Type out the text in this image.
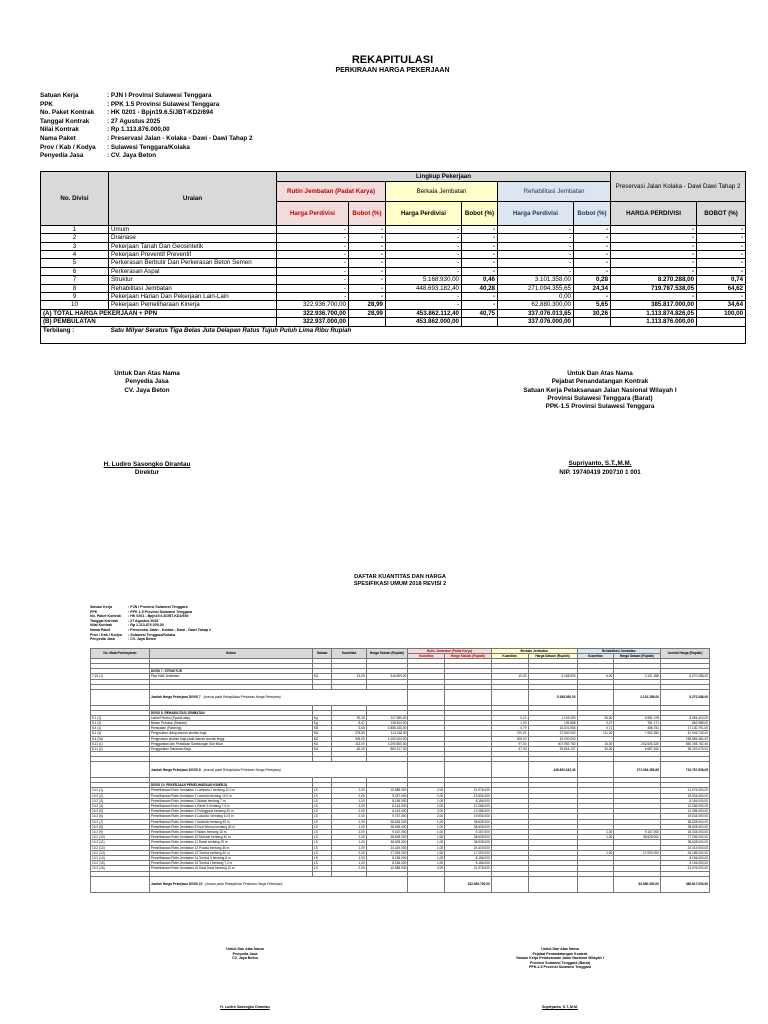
REKAPITULASI
PERKIRAAN HARGA PEKERJAAN
Satuan Kerja	: PJN I Provinsi Sulawesi Tenggara
PPK	: PPK 1.5 Provinsi Sulawesi Tenggara
No. Paket Kontrak	: HK 0201 - Bpjn19.6.5/JBT-KD2/694
Tanggal Kontrak	: 27 Agustus 2025
Nilai Kontrak	: Rp 1.113.876.000,00
Nama Paket	: Preservasi Jalan - Kolaka - Dawi - Dawi Tahap 2
Prov / Kab / Kodya	: Sulawesi Tenggara/Kolaka
Penyedia Jasa	: CV. Jaya Beton
No. Divisi	Uraian	Lingkup Pekerjaan						Preservasi Jalan Kolaka - Dawi Dawi Tahap 2	
		Rutin Jembatan (Padat Karya)		Berkala Jembatan		Rehabilitasi Jembatan			
		Harga Perdivisi	Bobot (%)	Harga Perdivisi	Bobot (%)	Harga Perdivisi	Bobot (%)	HARGA PERDIVISI	BOBOT (%)
1	Umum	-	-	-	-	-	-	-	-
2	Drainase	-	-	-	-	-	-	-	-
3	Pekerjaan Tanah Dan Geosintetik	-	-	-	-	-	-	-	-
4	Pekerjaan Preventif Preventif	-	-	-	-	-	-	-	-
5	Perkerasan Berbutir Dan Perkerasan Beton Semen	-	-	-	-	-	-	-	-
6	Perkerasan Aspal	-	-	-	-	-	-	-	-
7	Struktur	-	-	5.168.930,00	0,46	3.101.358,00	0,28	8.270.288,00	0,74
8	Rehabilitasi Jembatan	-	-	448.693.182,40	40,28	271.094.355,65	24,34	719.787.538,05	64,62
9	Pekerjaan Harian Dan Pekerjaan Lain-Lain	-	-	-	-	0,00	-	-	-
10	Pekerjaan Pemeliharaan Kinerja	322.936.700,00	28,99	-	-	62.880.300,00	5,65	385.817.000,00	34,64
(A) TOTAL HARGA PEKERJAAN + PPN		322.936.700,00	28,99	453.862.112,40	40,75	337.076.013,65	30,26	1.113.874.826,05	100,00
(B) PEMBULATAN		322.937.000,00		453.862.000,00		337.076.000,00		1.113.876.000,00	
Terbilang :	Satu Milyar Seratus Tiga Belas Juta Delapan Ratus Tujuh Puluh Lima Ribu Rupiah								
Untuk Dan Atas Nama
Penyedia Jasa
CV. Jaya Beton
H. Ludiro Sasongko Dirantau
Direktur
Untuk Dan Atas Nama
Pejabat Penandatangan Kontrak
Satuan Kerja Pelaksanaan Jalan Nasional Wilayah I
Provinsi Sulawesi Tenggara (Barat)
PPK-1.5 Provinsi Sulawesi Tenggara
Supriyanto, S.T.,M.M.
NIP. 19740419 200710 1 001
DAFTAR KUANTITAS DAN HARGA
SPESIFIKASI UMUM 2018 REVISI 2
Satuan Kerja	: PJN I Provinsi Sulawesi Tenggara
PPK	: PPK 1.5 Provinsi Sulawesi Tenggara
No. Paket Kontrak	: HK 0201 - Bpjn19.6.5/JBT-KD2/694
Tanggal Kontrak	: 27 Agustus 2025
Nilai Kontrak	: Rp 1.113.876.000,00
Nama Paket	: Preservasi Jalan - Kolaka - Dawi - Dawi Tahap 2
Prov / Kab / Kodya	: Sulawesi Tenggara/Kolaka
Penyedia Jasa	: CV. Jaya Beton
No. Mata Pembayaran	Uraian	Satuan	Kuantitas	Harga Satuan (Rupiah)	Rutin Jembatan (Padat Karya)		Berkala Jembatan		Rehabilitasi Jembatan		Jumlah Harga (Rupiah)
					Kuantitas	Harga Satuan (Rupiah)	Kuantitas	Harga Satuan (Rupiah)	Kuantitas	Harga Satuan (Rupiah)	

	DIVISI 7. STRUKTUR										
7.15 (1)	Pipa Naik Jembatan	M1	15,00	516.809,00			10,00	5.168.930	6,00	3.101.358	8.270.288,00

	Jumlah Harga Pekerjaan DIVISI 7 (masuk pada Rekapitulasi Perkiraan Harga Pekerjaan)							5.168.930,00		3.101.358,00	8.270.288,00

	DIVISI 8. REHABILITASI JEMBATAN										
8.1 (1)	Lantai Perahu (Epoksi atau)	Kg	90,10	227.690,00			0,10	1.103.305	26,00	5.981.378	8.054.410,00
8.1 (2)	Bahan Penutup (Sealant)	Kg	8,47	138.810,00			1,00	139.888	0,47	781.171	862.988,00
8.4 (1)	Perawatan (Patching)	M3	3,66	4.858.150,00			0,79	10.001.965	0,71	486.751	17.130.791,00
8.1 (4)	Pengecatan ulang seluruh struktur baja	M2	378,80	114.248,00			370,01	37.500.000	111,00	7.962.350	42.949.743,00
8.4 (2a)	Pengecatan struktur baja pada daerah kondisi tinggi	M2	305,00	1.000.000,00			305,00	15.000.000			158.686.484,00
8.11 (1)	Penggantian dan Perbaikan Sambungan Siar Muai	M1	113,00	4.200.800,00			97,00	407.952.760	16,00	242.606.320	650.398.782,40
8.11 (2)	Penggantian Sandaran Baja	M1	82,00	860.217,00			47,00	26.844.137	35,00	6.687.406	35.303.075,00

	Jumlah Harga Pekerjaan DIVISI 8 (masuk pada Rekapitulasi Perkiraan Harga Pekerjaan)							448.693.182,40		271.094.355,65	719.787.538,05

	DIVISI 10. PEKERJAAN PEMELIHARAAN KINERJA										
10.2 (1)	Pemeliharaan Rutin Jembatan 1 Lambuko I bentang 11,0 m	LS	2,00	10.988.000	2,00	21.976.000					21.976.000,00
10.2 (2)	Pemeliharaan Rutin Jembatan 2 Lameda bentang 10,0 m	LS	2,00	9.767.000	2,00	19.534.000					19.534.000,00
10.2 (3)	Pemeliharaan Rutin Jembatan 3 Watasi bentang 7 m	LS	1,00	8.156.000	1,00	8.156.000					8.156.000,00
10.2 (4)	Pemeliharaan Rutin Jembatan 4 Rante II bentang 7,5 m	LS	2,00	6.143.000	2,00	12.286.000					12.286.000,00
10.2 (5)	Pemeliharaan Rutin Jembatan 5 Polinggona bentang 30 m	LS	2,00	6.143.000	2,00	12.286.000					12.286.000,00
10.2 (6)	Pemeliharaan Rutin Jembatan 6 Lalowila I bentang 10,5 m	LS	2,00	9.767.000	2,00	19.534.000					19.534.000,00
10.2 (7)	Pemeliharaan Rutin Jembatan 7 Awadolo bentang 40 m	LS	1,00	38.628.000	1,00	38.628.000					38.628.000,00
10.2 (8)	Pemeliharaan Rutin Jembatan 8 Kuai Wonua bentang 40 m	LS	1,00	38.628.000	1,00	38.628.000					38.628.000,00
10.2 (9)	Pemeliharaan Rutin Jembatan 9 Wawo bentang 15 m	LS	2,00	9.167.000	1,00	9.167.000			1,00	9.167.000	18.334.000,00
10.2 (10)	Pemeliharaan Rutin Jembatan 10 Moloalo bentang 40 m	LS	2,00	38.628.000	1,00	38.628.000			1,00	38.628.000	77.256.000,00
10.2 (11)	Pemeliharaan Rutin Jembatan 11 Rante bentang 20 m	LS	1,00	38.628.000	1,00	38.628.000					38.628.000,00
10.2 (12)	Pemeliharaan Rutin Jembatan 12 Poloda bentang 30 m	LS	1,00	24.419.000	1,00	24.419.000					24.419.000,00
10.2 (13)	Pemeliharaan Rutin Jembatan 13 Tomboi bentang 40 m	LS	2,00	17.093.000	1,00	17.093.000			1,00	17.093.000	34.186.000,00
10.2 (14)	Pemeliharaan Rutin Jembatan 14 Tomboi II bentang 8 m	LS	1,00	8.156.000	1,00	8.156.000					8.156.000,00
10.2 (15)	Pemeliharaan Rutin Jembatan 15 Tomboi I bentang 7,2 m	LS	1,00	8.156.000	1,00	8.156.000					8.156.000,00
10.2 (16)	Pemeliharaan Rutin Jembatan 16 Dawi Dawi bentang 12 m	LS	2,00	10.988.000	2,00	21.976.000					21.976.000,00

	Jumlah Harga Pekerjaan DIVISI 10 (masuk pada Rekapitulasi Perkiraan Harga Pekerjaan)					322.936.700,00				62.880.300,00	385.817.000,00
Untuk Dan Atas Nama
Penyedia Jasa
CV. Jaya Beton
H. Ludiro Sasongko Dirantau
Untuk Dan Atas Nama
Pejabat Penandatangan Kontrak
Satuan Kerja Pelaksanaan Jalan Nasional Wilayah I
Provinsi Sulawesi Tenggara (Barat)
PPK-1.5 Provinsi Sulawesi Tenggara
Supriyanto, S.T.,M.M.
